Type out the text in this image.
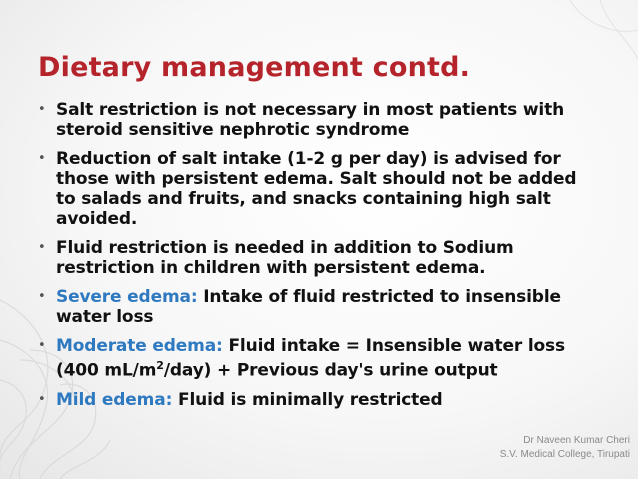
Dietary management contd.
• Salt restriction is not necessary in most patients with steroid sensitive nephrotic syndrome
• Reduction of salt intake (1-2 g per day) is advised for those with persistent edema. Salt should not be added to salads and fruits, and snacks containing high salt avoided.
• Fluid restriction is needed in addition to Sodium restriction in children with persistent edema.
• Severe edema: Intake of fluid restricted to insensible water loss
• Moderate edema: Fluid intake = Insensible water loss (400 $mL/m^2/day$) + Previous day's urine output
• Mild edema: Fluid is minimally restricted
Dr Naveen Kumar Cheri
S.V. Medical College, Tirupati
